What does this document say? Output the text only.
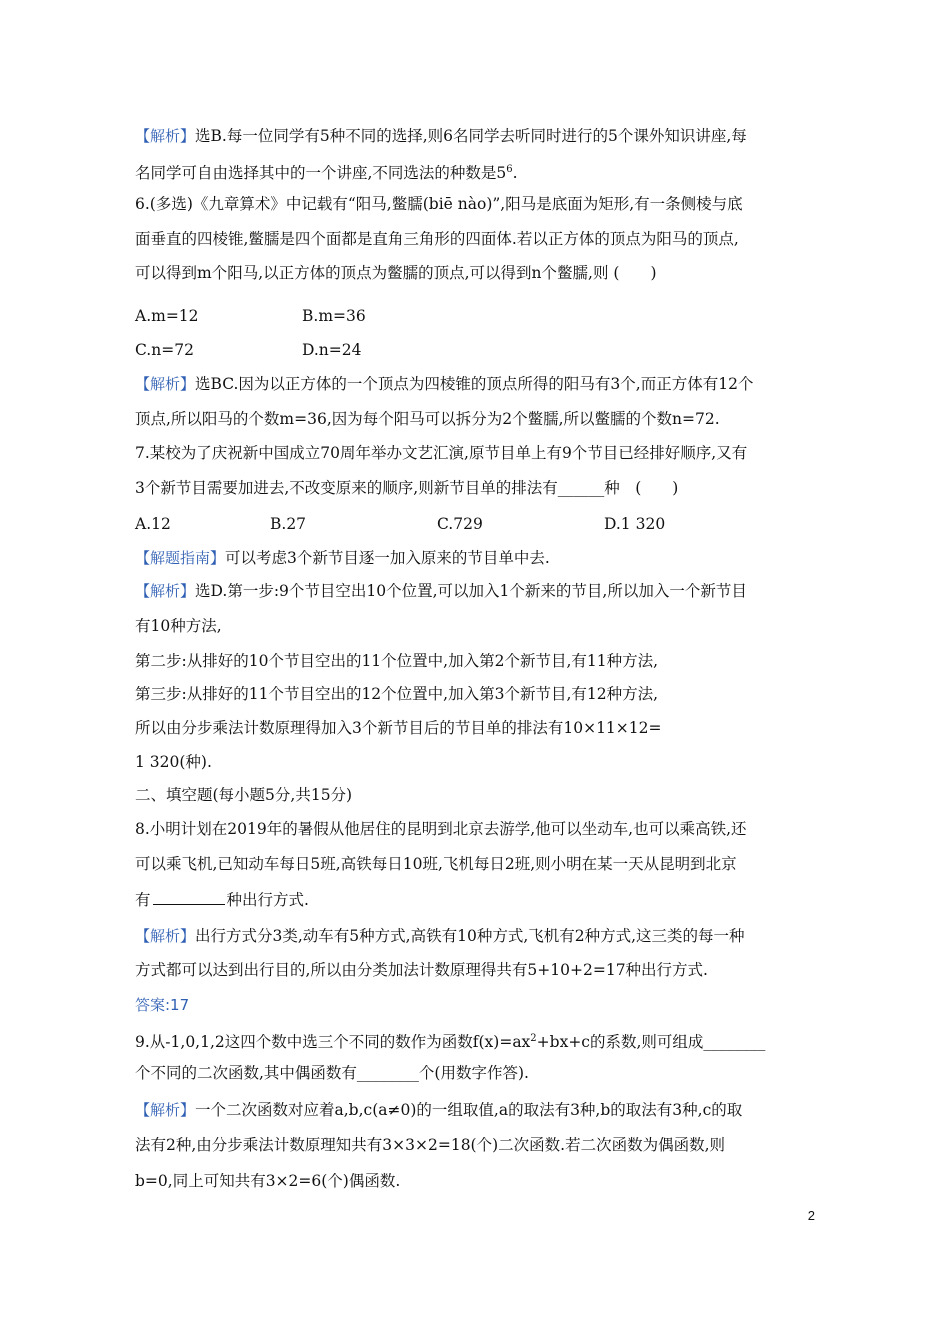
【解析】选B.每一位同学有5种不同的选择,则6名同学去听同时进行的5个课外知识讲座,每
名同学可自由选择其中的一个讲座,不同选法的种数是$5^6$.
6.(多选)《九章算术》中记载有“阳马,鳖臑(biē nào)”,阳马是底面为矩形,有一条侧棱与底
面垂直的四棱锥,鳖臑是四个面都是直角三角形的四面体.若以正方体的顶点为阳马的顶点,
可以得到m个阳马,以正方体的顶点为鳖臑的顶点,可以得到n个鳖臑,则 (　　)
A.m=12	B.m=36
C.n=72	D.n=24
【解析】选BC.因为以正方体的一个顶点为四棱锥的顶点所得的阳马有3个,而正方体有12个
顶点,所以阳马的个数m=36,因为每个阳马可以拆分为2个鳖臑,所以鳖臑的个数n=72.
7.某校为了庆祝新中国成立70周年举办文艺汇演,原节目单上有9个节目已经排好顺序,又有
3个新节目需要加进去,不改变原来的顺序,则新节目单的排法有______种　(　　)
A.12	B.27	C.729	D.1 320
【解题指南】可以考虑3个新节目逐一加入原来的节目单中去.
【解析】选D.第一步:9个节目空出10个位置,可以加入1个新来的节目,所以加入一个新节目
有10种方法,
第二步:从排好的10个节目空出的11个位置中,加入第2个新节目,有11种方法,
第三步:从排好的11个节目空出的12个位置中,加入第3个新节目,有12种方法,
所以由分步乘法计数原理得加入3个新节目后的节目单的排法有10×11×12=
1 320(种).
二、填空题(每小题5分,共15分)
8.小明计划在2019年的暑假从他居住的昆明到北京去游学,他可以坐动车,也可以乘高铁,还
可以乘飞机,已知动车每日5班,高铁每日10班,飞机每日2班,则小明在某一天从昆明到北京
有	种出行方式.
【解析】出行方式分3类,动车有5种方式,高铁有10种方式,飞机有2种方式,这三类的每一种
方式都可以达到出行目的,所以由分类加法计数原理得共有5+10+2=17种出行方式.
答案:17
9.从-1,0,1,2这四个数中选三个不同的数作为函数$f(x)=ax^2+bx+c$的系数,则可组成________
个不同的二次函数,其中偶函数有________个(用数字作答).
【解析】一个二次函数对应着a,b,c(a≠0)的一组取值,a的取法有3种,b的取法有3种,c的取
法有2种,由分步乘法计数原理知共有3×3×2=18(个)二次函数.若二次函数为偶函数,则
b=0,同上可知共有3×2=6(个)偶函数.
2
